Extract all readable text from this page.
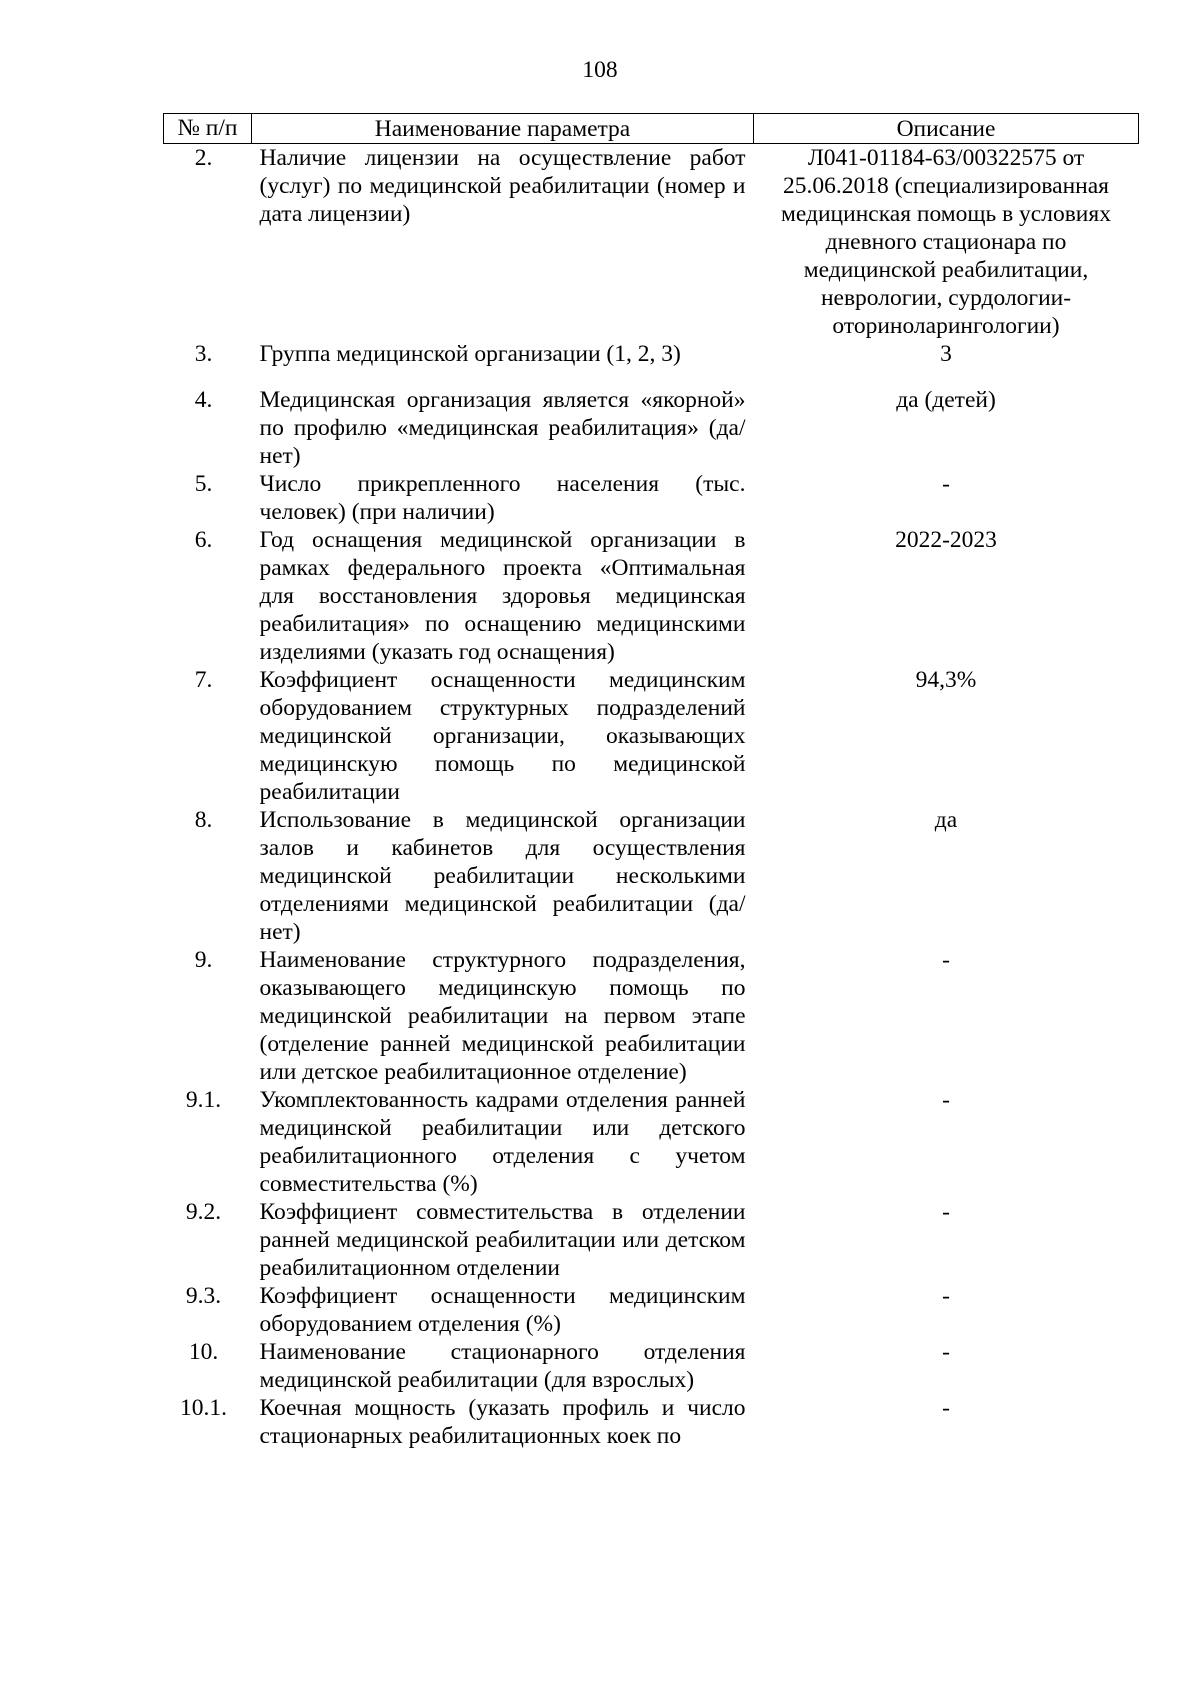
108
№ п/п	Наименование параметра	Описание
2.	Наличие лицензии на осуществление работ (услуг) по медицинской реабилитации (номер и дата лицензии)	Л041-01184-63/00322575 от 25.06.2018 (специализированная медицинская помощь в условиях дневного стационара по медицинской реабилитации, неврологии, сурдологии-оториноларингологии)
3.	Группа медицинской организации (1, 2, 3)	3
4.	Медицинская организация является «якорной» по профилю «медицинская реабилитация» (да/нет)	да (детей)
5.	Число прикрепленного населения (тыс. человек) (при наличии)	-
6.	Год оснащения медицинской организации в рамках федерального проекта «Оптимальная для восстановления здоровья медицинская реабилитация» по оснащению медицинскими изделиями (указать год оснащения)	2022-2023
7.	Коэффициент оснащенности медицинским оборудованием структурных подразделений медицинской организации, оказывающих медицинскую помощь по медицинской реабилитации	94,3%
8.	Использование в медицинской организации залов и кабинетов для осуществления медицинской реабилитации несколькими отделениями медицинской реабилитации (да/нет)	да
9.	Наименование структурного подразделения, оказывающего медицинскую помощь по медицинской реабилитации на первом этапе (отделение ранней медицинской реабилитации или детское реабилитационное отделение)	-
9.1.	Укомплектованность кадрами отделения ранней медицинской реабилитации или детского реабилитационного отделения с учетом совместительства (%)	-
9.2.	Коэффициент совместительства в отделении ранней медицинской реабилитации или детском реабилитационном отделении	-
9.3.	Коэффициент оснащенности медицинским оборудованием отделения (%)	-
10.	Наименование стационарного отделения медицинской реабилитации (для взрослых)	-
10.1.	Коечная мощность (указать профиль и число стационарных реабилитационных коек по	-
